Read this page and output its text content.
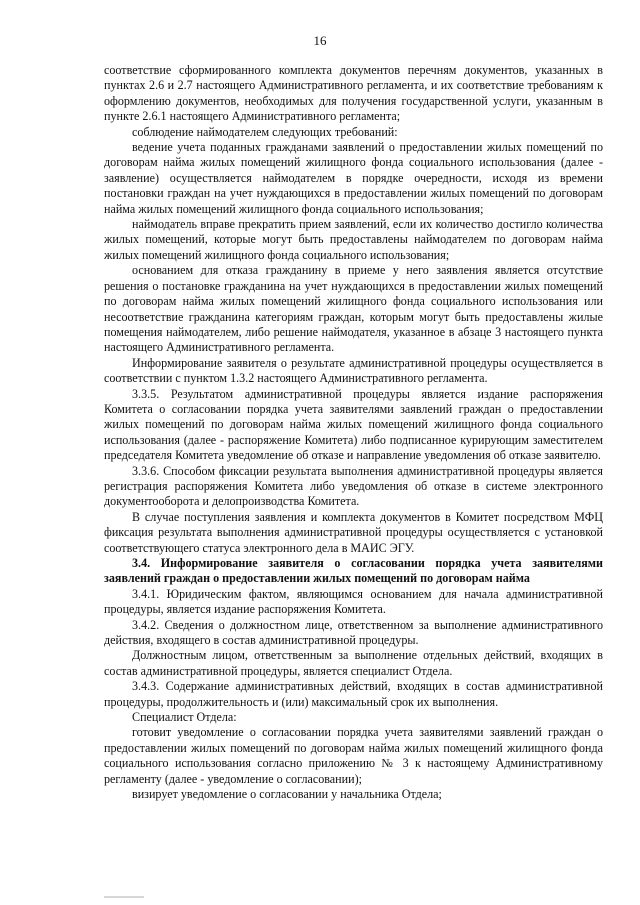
16

соответствие сформированного комплекта документов перечням документов, указанных в пунктах 2.6 и 2.7 настоящего Административного регламента, и их соответствие требованиям к оформлению документов, необходимых для получения государственной услуги, указанным в пункте 2.6.1 настоящего Административного регламента;

соблюдение наймодателем следующих требований:

ведение учета поданных гражданами заявлений о предоставлении жилых помещений по договорам найма жилых помещений жилищного фонда социального использования (далее - заявление) осуществляется наймодателем в порядке очередности, исходя из времени постановки граждан на учет нуждающихся в предоставлении жилых помещений по договорам найма жилых помещений жилищного фонда социального использования;

наймодатель вправе прекратить прием заявлений, если их количество достигло количества жилых помещений, которые могут быть предоставлены наймодателем по договорам найма жилых помещений жилищного фонда социального использования;

основанием для отказа гражданину в приеме у него заявления является отсутствие решения о постановке гражданина на учет нуждающихся в предоставлении жилых помещений по договорам найма жилых помещений жилищного фонда социального использования или несоответствие гражданина категориям граждан, которым могут быть предоставлены жилые помещения наймодателем, либо решение наймодателя, указанное в абзаце 3 настоящего пункта настоящего Административного регламента.

Информирование заявителя о результате административной процедуры осуществляется в соответствии с пунктом 1.3.2 настоящего Административного регламента.

3.3.5. Результатом административной процедуры является издание распоряжения Комитета о согласовании порядка учета заявителями заявлений граждан о предоставлении жилых помещений по договорам найма жилых помещений жилищного фонда социального использования (далее - распоряжение Комитета) либо подписанное курирующим заместителем председателя Комитета уведомление об отказе и направление уведомления об отказе заявителю.

3.3.6. Способом фиксации результата выполнения административной процедуры является регистрация распоряжения Комитета либо уведомления об отказе в системе электронного документооборота и делопроизводства Комитета.

В случае поступления заявления и комплекта документов в Комитет посредством МФЦ фиксация результата выполнения административной процедуры осуществляется с установкой соответствующего статуса электронного дела в МАИС ЭГУ.

3.4. Информирование заявителя о согласовании порядка учета заявителями заявлений граждан о предоставлении жилых помещений по договорам найма

3.4.1. Юридическим фактом, являющимся основанием для начала административной процедуры, является издание распоряжения Комитета.

3.4.2. Сведения о должностном лице, ответственном за выполнение административного действия, входящего в состав административной процедуры.

Должностным лицом, ответственным за выполнение отдельных действий, входящих в состав административной процедуры, является специалист Отдела.

3.4.3. Содержание административных действий, входящих в состав административной процедуры, продолжительность и (или) максимальный срок их выполнения.

Специалист Отдела:

готовит уведомление о согласовании порядка учета заявителями заявлений граждан о предоставлении жилых помещений по договорам найма жилых помещений жилищного фонда социального использования согласно приложению № 3 к настоящему Административному регламенту (далее - уведомление о согласовании);

визирует уведомление о согласовании у начальника Отдела;
